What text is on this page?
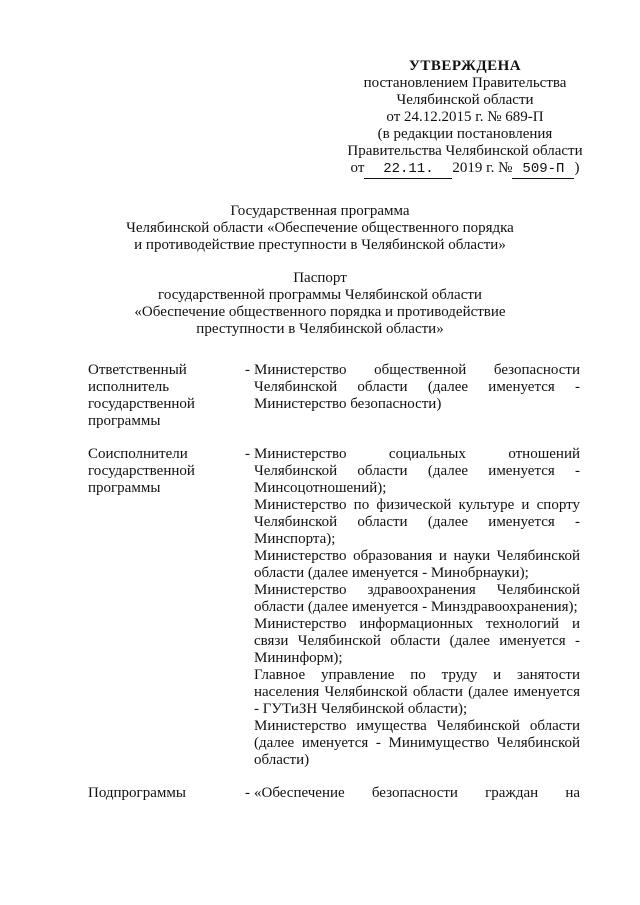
УТВЕРЖДЕНА
постановлением Правительства
Челябинской области
от 24.12.2015 г. № 689-П
(в редакции постановления
Правительства Челябинской области
от 22.11. 2019 г. № 509-П )
Государственная программа
Челябинской области «Обеспечение общественного порядка
и противодействие преступности в Челябинской области»
Паспорт
государственной программы Челябинской области
«Обеспечение общественного порядка и противодействие
преступности в Челябинской области»
Ответственный исполнитель государственной программы
- Министерство общественной безопасности Челябинской области (далее именуется - Министерство безопасности)

Соисполнители государственной программы
- Министерство социальных отношений Челябинской области (далее именуется - Минсоцотношений);

Министерство по физической культуре и спорту Челябинской области (далее именуется - Минспорта);

Министерство образования и науки Челябинской области (далее именуется - Минобрнауки);

Министерство здравоохранения Челябинской области (далее именуется - Минздравоохранения);

Министерство информационных технологий и связи Челябинской области (далее именуется - Мининформ);

Главное управление по труду и занятости населения Челябинской области (далее именуется - ГУТиЗН Челябинской области);

Министерство имущества Челябинской области (далее именуется - Минимущество Челябинской области)

Подпрограммы	- «Обеспечение безопасности граждан на
